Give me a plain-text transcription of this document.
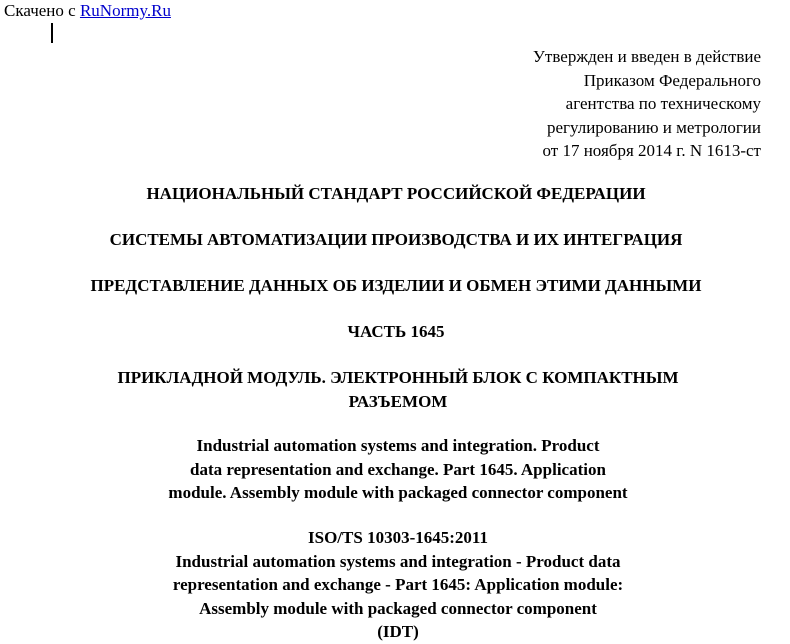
Скачено с RuNormy.Ru
Утвержден и введен в действие
Приказом Федерального
агентства по техническому
регулированию и метрологии
от 17 ноября 2014 г. N 1613-ст
НАЦИОНАЛЬНЫЙ СТАНДАРТ РОССИЙСКОЙ ФЕДЕРАЦИИ
СИСТЕМЫ АВТОМАТИЗАЦИИ ПРОИЗВОДСТВА И ИХ ИНТЕГРАЦИЯ
ПРЕДСТАВЛЕНИЕ ДАННЫХ ОБ ИЗДЕЛИИ И ОБМЕН ЭТИМИ ДАННЫМИ
ЧАСТЬ 1645
ПРИКЛАДНОЙ МОДУЛЬ. ЭЛЕКТРОННЫЙ БЛОК С КОМПАКТНЫМ
РАЗЪЕМОМ
Industrial automation systems and integration. Product
data representation and exchange. Part 1645. Application
module. Assembly module with packaged connector component
ISO/TS 10303-1645:2011
Industrial automation systems and integration - Product data
representation and exchange - Part 1645: Application module:
Assembly module with packaged connector component
(IDT)
